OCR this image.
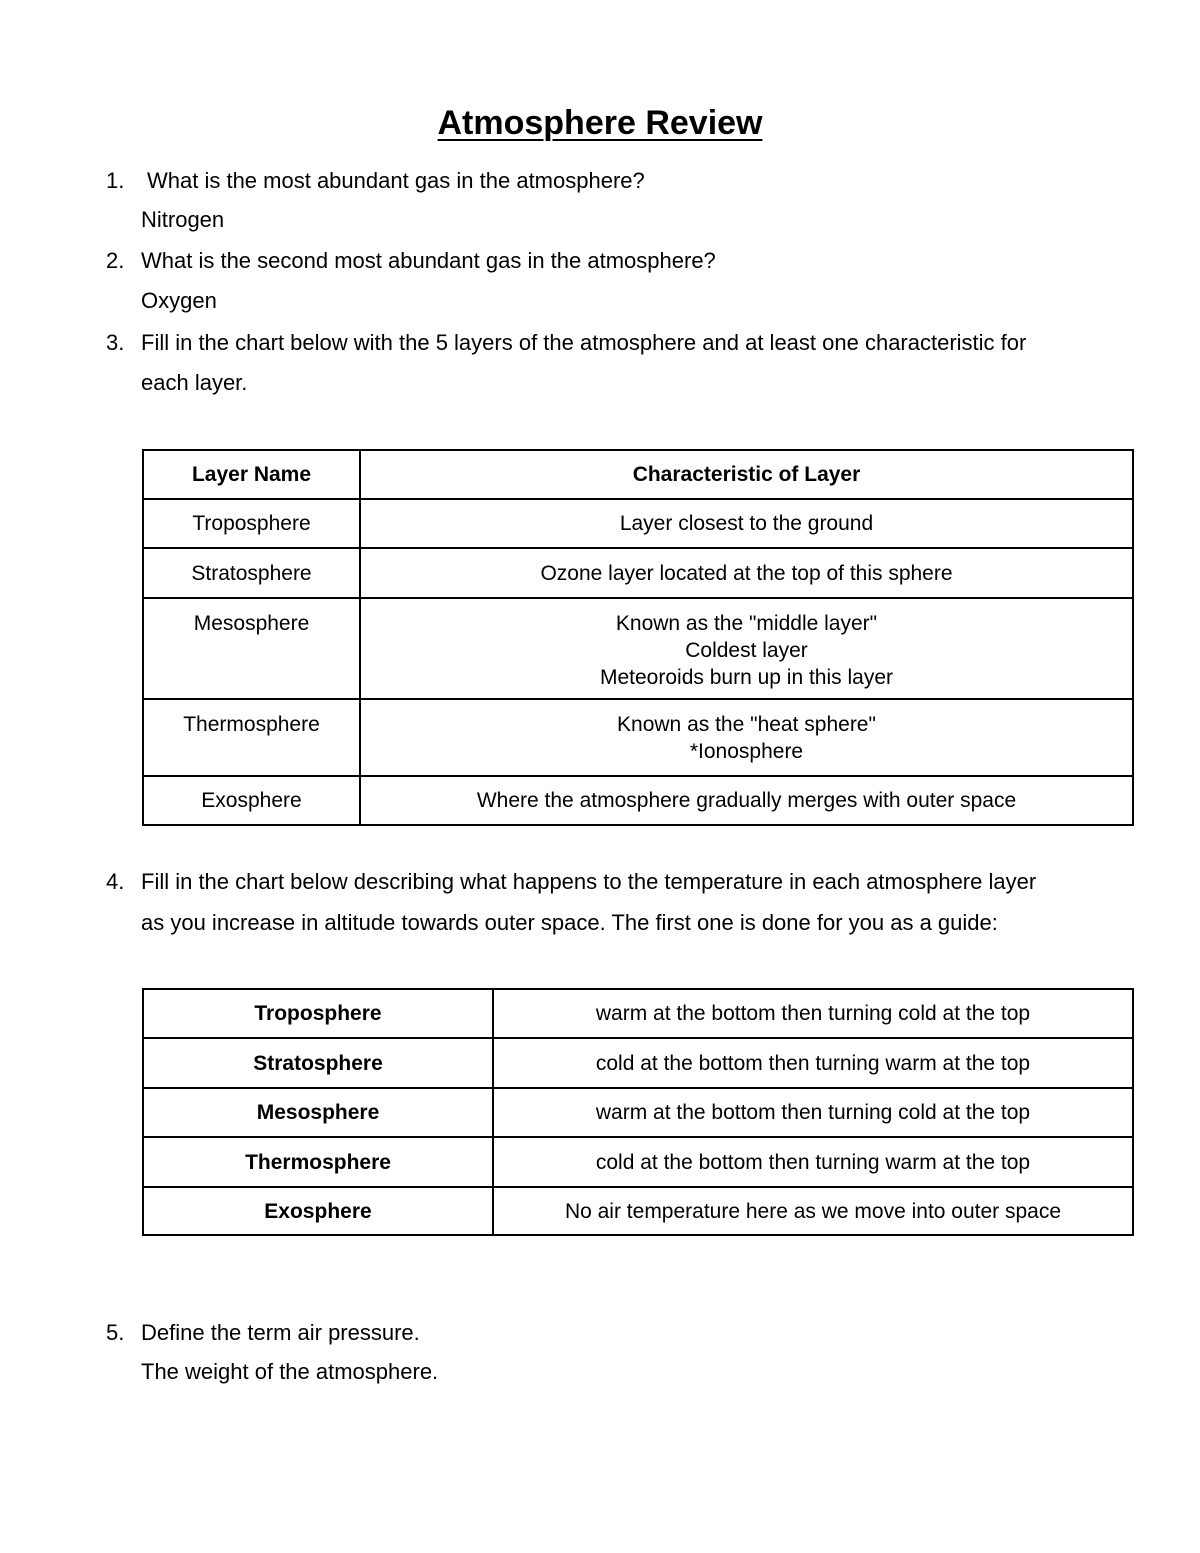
Atmosphere Review
1. What is the most abundant gas in the atmosphere?
Nitrogen
2. What is the second most abundant gas in the atmosphere?
Oxygen
3. Fill in the chart below with the 5 layers of the atmosphere and at least one characteristic for
each layer.
Layer Name	Characteristic of Layer
Troposphere	Layer closest to the ground
Stratosphere	Ozone layer located at the top of this sphere
Mesosphere	Known as the "middle layer"
Coldest layer
Meteoroids burn up in this layer

Thermosphere	Known as the "heat sphere"
*Ionosphere

Exosphere	Where the atmosphere gradually merges with outer space
4. Fill in the chart below describing what happens to the temperature in each atmosphere layer
as you increase in altitude towards outer space. The first one is done for you as a guide:
Troposphere	warm at the bottom then turning cold at the top
Stratosphere	cold at the bottom then turning warm at the top
Mesosphere	warm at the bottom then turning cold at the top
Thermosphere	cold at the bottom then turning warm at the top
Exosphere	No air temperature here as we move into outer space
5. Define the term air pressure.
The weight of the atmosphere.
